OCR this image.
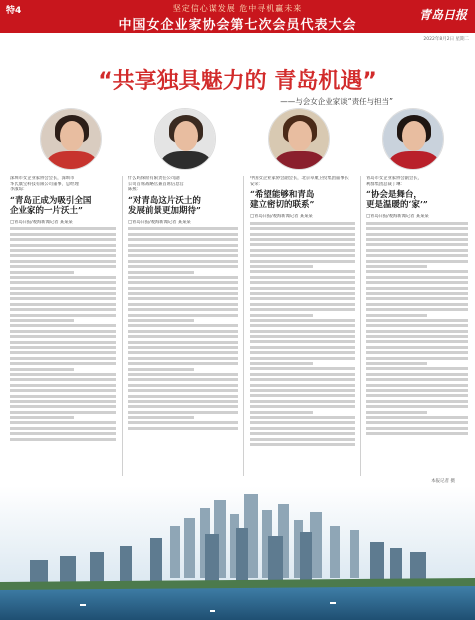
特4	坚定信心谋发展 危中寻机赢未来
中国女企业家协会第七次会员代表大会
青岛日报
2022年8月2日 星期二
“共享独具魅力的 青岛机遇”
——与会女企业家谈“责任与担当”
深圳市女企业家协会会长，深圳市
华氏康宝科技有限公司董事、总经理
李淑琼：
“青岛正成为吸引全国
企业家的一片沃土”
□青岛日报/观海新闻记者 某某某
什么吗保险有限责任公司副
公司首席战略官兼首席信息官
陈燕：
“对青岛这片沃土的
发展前景更加期待”
□青岛日报/观海新闻记者 某某某
中国女企业家协会副会长，北京卓航卫投集团董事长
安荣：
“希望能够和青岛
建立密切的联系”
□青岛日报/观海新闻记者 某某某
青岛市女企业家协会副会长，
利群集团总裁丁琳：
“协会是舞台，
更是温暖的‘家’”
□青岛日报/观海新闻记者 某某某
本报记者 摄
